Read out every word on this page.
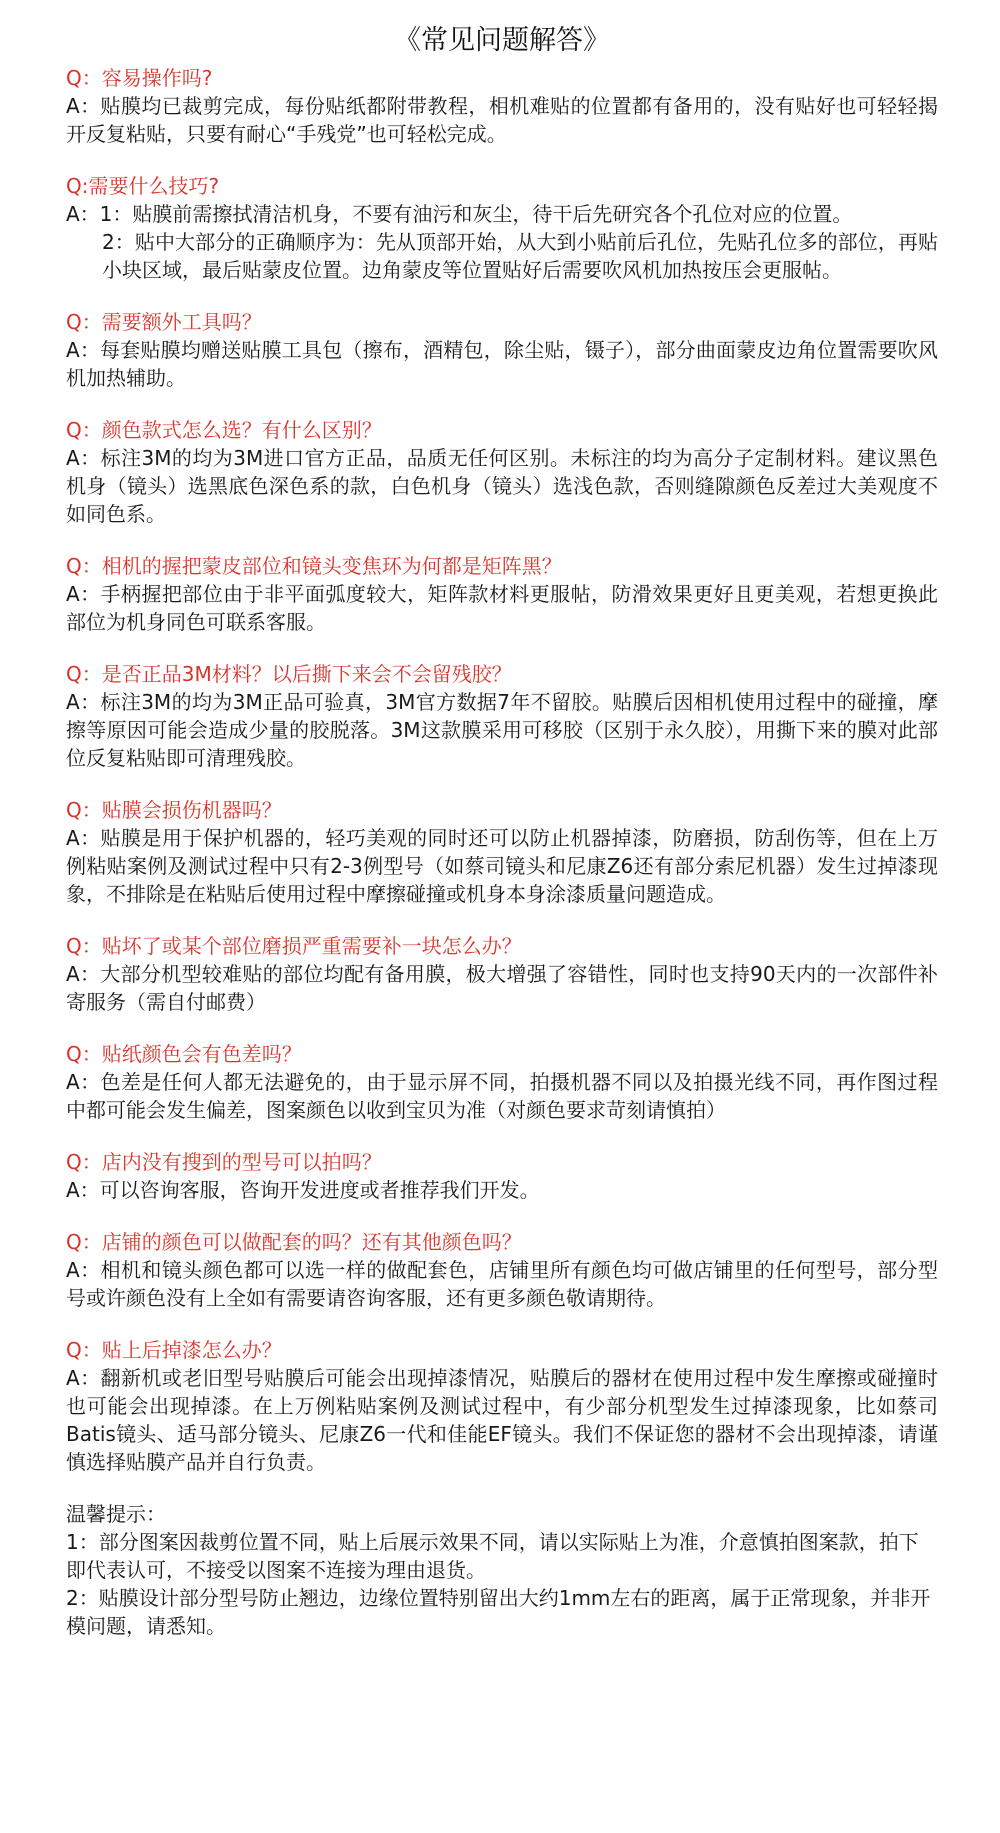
《常见问题解答》

Q：容易操作吗?

A：贴膜均已裁剪完成，每份贴纸都附带教程，相机难贴的位置都有备用的，没有贴好也可轻轻揭开反复粘贴，只要有耐心“手残党”也可轻松完成。

Q:需要什么技巧?

A：1：贴膜前需擦拭清洁机身，不要有油污和灰尘，待干后先研究各个孔位对应的位置。
2：贴中大部分的正确顺序为：先从顶部开始，从大到小贴前后孔位，先贴孔位多的部位，再贴小块区域，最后贴蒙皮位置。边角蒙皮等位置贴好后需要吹风机加热按压会更服帖。

Q：需要额外工具吗？

A：每套贴膜均赠送贴膜工具包（擦布，酒精包，除尘贴，镊子），部分曲面蒙皮边角位置需要吹风机加热辅助。

Q：颜色款式怎么选？有什么区别？

A：标注3M的均为3M进口官方正品，品质无任何区别。未标注的均为高分子定制材料。建议黑色机身（镜头）选黑底色深色系的款，白色机身（镜头）选浅色款，否则缝隙颜色反差过大美观度不如同色系。

Q：相机的握把蒙皮部位和镜头变焦环为何都是矩阵黑？

A：手柄握把部位由于非平面弧度较大，矩阵款材料更服帖，防滑效果更好且更美观，若想更换此部位为机身同色可联系客服。

Q：是否正品3M材料？以后撕下来会不会留残胶？

A：标注3M的均为3M正品可验真，3M官方数据7年不留胶。贴膜后因相机使用过程中的碰撞，摩擦等原因可能会造成少量的胶脱落。3M这款膜采用可移胶（区别于永久胶），用撕下来的膜对此部位反复粘贴即可清理残胶。

Q：贴膜会损伤机器吗？

A：贴膜是用于保护机器的，轻巧美观的同时还可以防止机器掉漆，防磨损，防刮伤等，但在上万例粘贴案例及测试过程中只有2-3例型号（如蔡司镜头和尼康Z6还有部分索尼机器）发生过掉漆现象，不排除是在粘贴后使用过程中摩擦碰撞或机身本身涂漆质量问题造成。

Q：贴坏了或某个部位磨损严重需要补一块怎么办？

A：大部分机型较难贴的部位均配有备用膜，极大增强了容错性，同时也支持90天内的一次部件补寄服务（需自付邮费）

Q：贴纸颜色会有色差吗？

A：色差是任何人都无法避免的，由于显示屏不同，拍摄机器不同以及拍摄光线不同，再作图过程中都可能会发生偏差，图案颜色以收到宝贝为准（对颜色要求苛刻请慎拍）

Q：店内没有搜到的型号可以拍吗？

A：可以咨询客服，咨询开发进度或者推荐我们开发。

Q：店铺的颜色可以做配套的吗？还有其他颜色吗？

A：相机和镜头颜色都可以选一样的做配套色，店铺里所有颜色均可做店铺里的任何型号，部分型号或许颜色没有上全如有需要请咨询客服，还有更多颜色敬请期待。

Q：贴上后掉漆怎么办？

A：翻新机或老旧型号贴膜后可能会出现掉漆情况，贴膜后的器材在使用过程中发生摩擦或碰撞时也可能会出现掉漆。在上万例粘贴案例及测试过程中，有少部分机型发生过掉漆现象，比如蔡司Batis镜头、适马部分镜头、尼康Z6一代和佳能EF镜头。我们不保证您的器材不会出现掉漆，请谨慎选择贴膜产品并自行负责。

温馨提示：

1：部分图案因裁剪位置不同，贴上后展示效果不同，请以实际贴上为准，介意慎拍图案款，拍下即代表认可，不接受以图案不连接为理由退货。

2：贴膜设计部分型号防止翘边，边缘位置特别留出大约1mm左右的距离，属于正常现象，并非开模问题，请悉知。
